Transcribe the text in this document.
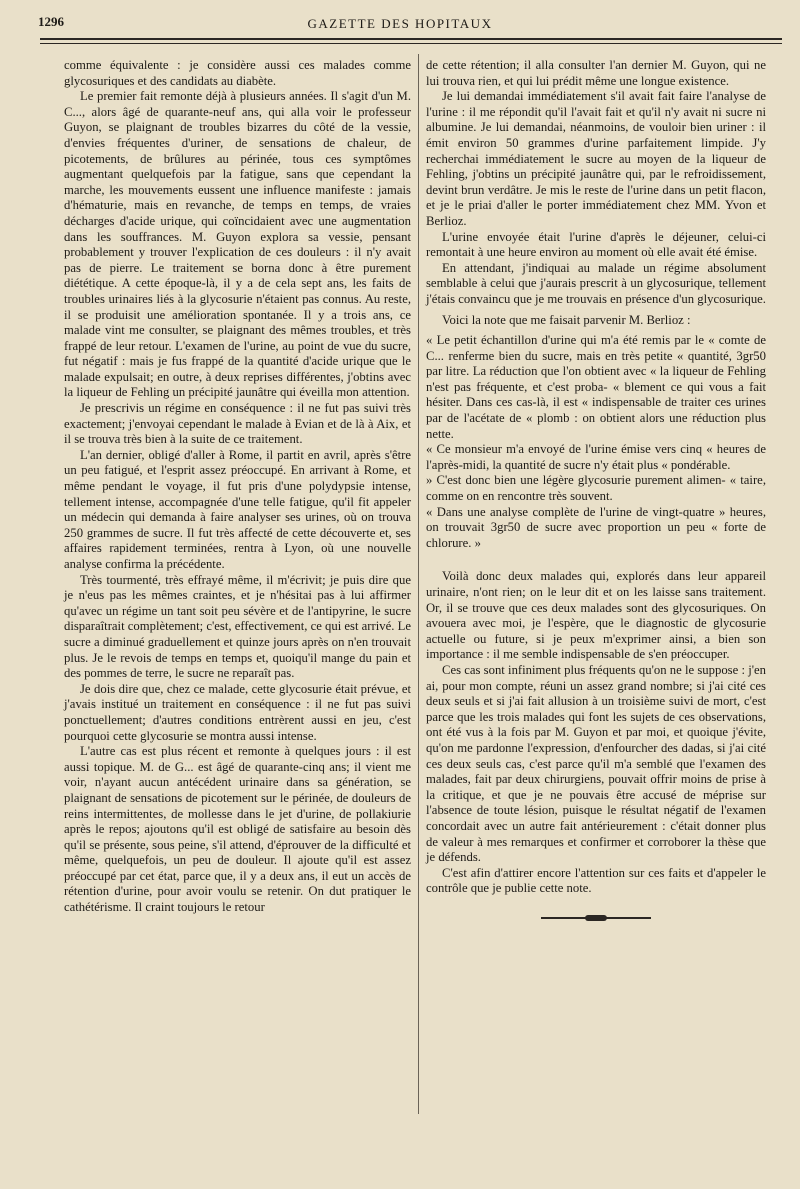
1296	GAZETTE DES HOPITAUX

comme équivalente : je considère aussi ces malades comme glycosuriques et des candidats au diabète.

Le premier fait remonte déjà à plusieurs années. Il s'agit d'un M. C..., alors âgé de quarante-neuf ans, qui alla voir le professeur Guyon, se plaignant de troubles bizarres du côté de la vessie, d'envies fréquentes d'uriner, de sensations de chaleur, de picotements, de brûlures au périnée, tous ces symptômes augmentant quelquefois par la fatigue, sans que cependant la marche, les mouvements eussent une influence manifeste : jamais d'hématurie, mais en revanche, de temps en temps, de vraies décharges d'acide urique, qui coïncidaient avec une augmentation dans les souffrances. M. Guyon explora sa vessie, pensant probablement y trouver l'explication de ces douleurs : il n'y avait pas de pierre. Le traitement se borna donc à être purement diététique. A cette époque-là, il y a de cela sept ans, les faits de troubles urinaires liés à la glycosurie n'étaient pas connus. Au reste, il se produisit une amélioration spontanée. Il y a trois ans, ce malade vint me consulter, se plaignant des mêmes troubles, et très frappé de leur retour. L'examen de l'urine, au point de vue du sucre, fut négatif : mais je fus frappé de la quantité d'acide urique que le malade expulsait; en outre, à deux reprises différentes, j'obtins avec la liqueur de Fehling un précipité jaunâtre qui éveilla mon attention.

Je prescrivis un régime en conséquence : il ne fut pas suivi très exactement; j'envoyai cependant le malade à Evian et de là à Aix, et il se trouva très bien à la suite de ce traitement.

L'an dernier, obligé d'aller à Rome, il partit en avril, après s'être un peu fatigué, et l'esprit assez préoccupé. En arrivant à Rome, et même pendant le voyage, il fut pris d'une polydypsie intense, tellement intense, accompagnée d'une telle fatigue, qu'il fit appeler un médecin qui demanda à faire analyser ses urines, où on trouva 250 grammes de sucre. Il fut très affecté de cette découverte et, ses affaires rapidement terminées, rentra à Lyon, où une nouvelle analyse confirma la précédente.

Très tourmenté, très effrayé même, il m'écrivit; je puis dire que je n'eus pas les mêmes craintes, et je n'hésitai pas à lui affirmer qu'avec un régime un tant soit peu sévère et de l'antipyrine, le sucre disparaîtrait complètement; c'est, effectivement, ce qui est arrivé. Le sucre a diminué graduellement et quinze jours après on n'en trouvait plus. Je le revois de temps en temps et, quoiqu'il mange du pain et des pommes de terre, le sucre ne reparaît pas.

Je dois dire que, chez ce malade, cette glycosurie était prévue, et j'avais institué un traitement en conséquence : il ne fut pas suivi ponctuellement; d'autres conditions entrèrent aussi en jeu, c'est pourquoi cette glycosurie se montra aussi intense.

L'autre cas est plus récent et remonte à quelques jours : il est aussi topique. M. de G... est âgé de quarante-cinq ans; il vient me voir, n'ayant aucun antécédent urinaire dans sa génération, se plaignant de sensations de picotement sur le périnée, de douleurs de reins intermittentes, de mollesse dans le jet d'urine, de pollakiurie après le repos; ajoutons qu'il est obligé de satisfaire au besoin dès qu'il se présente, sous peine, s'il attend, d'éprouver de la difficulté et même, quelquefois, un peu de douleur. Il ajoute qu'il est assez préoccupé par cet état, parce que, il y a deux ans, il eut un accès de rétention d'urine, pour avoir voulu se retenir. On dut pratiquer le cathétérisme. Il craint toujours le retour

de cette rétention; il alla consulter l'an dernier M. Guyon, qui ne lui trouva rien, et qui lui prédit même une longue existence.

Je lui demandai immédiatement s'il avait fait faire l'analyse de l'urine : il me répondit qu'il l'avait fait et qu'il n'y avait ni sucre ni albumine. Je lui demandai, néanmoins, de vouloir bien uriner : il émit environ 50 grammes d'urine parfaitement limpide. J'y recherchai immédiatement le sucre au moyen de la liqueur de Fehling, j'obtins un précipité jaunâtre qui, par le refroidissement, devint brun verdâtre. Je mis le reste de l'urine dans un petit flacon, et je le priai d'aller le porter immédiatement chez MM. Yvon et Berlioz.

L'urine envoyée était l'urine d'après le déjeuner, celui-ci remontait à une heure environ au moment où elle avait été émise.

En attendant, j'indiquai au malade un régime absolument semblable à celui que j'aurais prescrit à un glycosurique, tellement j'étais convaincu que je me trouvais en présence d'un glycosurique.

Voici la note que me faisait parvenir M. Berlioz :

« Le petit échantillon d'urine qui m'a été remis par le « comte de C... renferme bien du sucre, mais en très petite « quantité, 3gr50 par litre. La réduction que l'on obtient avec « la liqueur de Fehling n'est pas fréquente, et c'est proba- « blement ce qui vous a fait hésiter. Dans ces cas-là, il est « indispensable de traiter ces urines par de l'acétate de « plomb : on obtient alors une réduction plus nette.

« Ce monsieur m'a envoyé de l'urine émise vers cinq « heures de l'après-midi, la quantité de sucre n'y était plus « pondérable.

» C'est donc bien une légère glycosurie purement alimen- « taire, comme on en rencontre très souvent.

« Dans une analyse complète de l'urine de vingt-quatre » heures, on trouvait 3gr50 de sucre avec proportion un peu « forte de chlorure. »

Voilà donc deux malades qui, explorés dans leur appareil urinaire, n'ont rien; on le leur dit et on les laisse sans traitement. Or, il se trouve que ces deux malades sont des glycosuriques. On avouera avec moi, je l'espère, que le diagnostic de glycosurie actuelle ou future, si je peux m'exprimer ainsi, a bien son importance : il me semble indispensable de s'en préoccuper.

Ces cas sont infiniment plus fréquents qu'on ne le suppose : j'en ai, pour mon compte, réuni un assez grand nombre; si j'ai cité ces deux seuls et si j'ai fait allusion à un troisième suivi de mort, c'est parce que les trois malades qui font les sujets de ces observations, ont été vus à la fois par M. Guyon et par moi, et quoique j'évite, qu'on me pardonne l'expression, d'enfourcher des dadas, si j'ai cité ces deux seuls cas, c'est parce qu'il m'a semblé que l'examen des malades, fait par deux chirurgiens, pouvait offrir moins de prise à la critique, et que je ne pouvais être accusé de méprise sur l'absence de toute lésion, puisque le résultat négatif de l'examen concordait avec un autre fait antérieurement : c'était donner plus de valeur à mes remarques et confirmer et corroborer la thèse que je défends.

C'est afin d'attirer encore l'attention sur ces faits et d'appeler le contrôle que je publie cette note.
